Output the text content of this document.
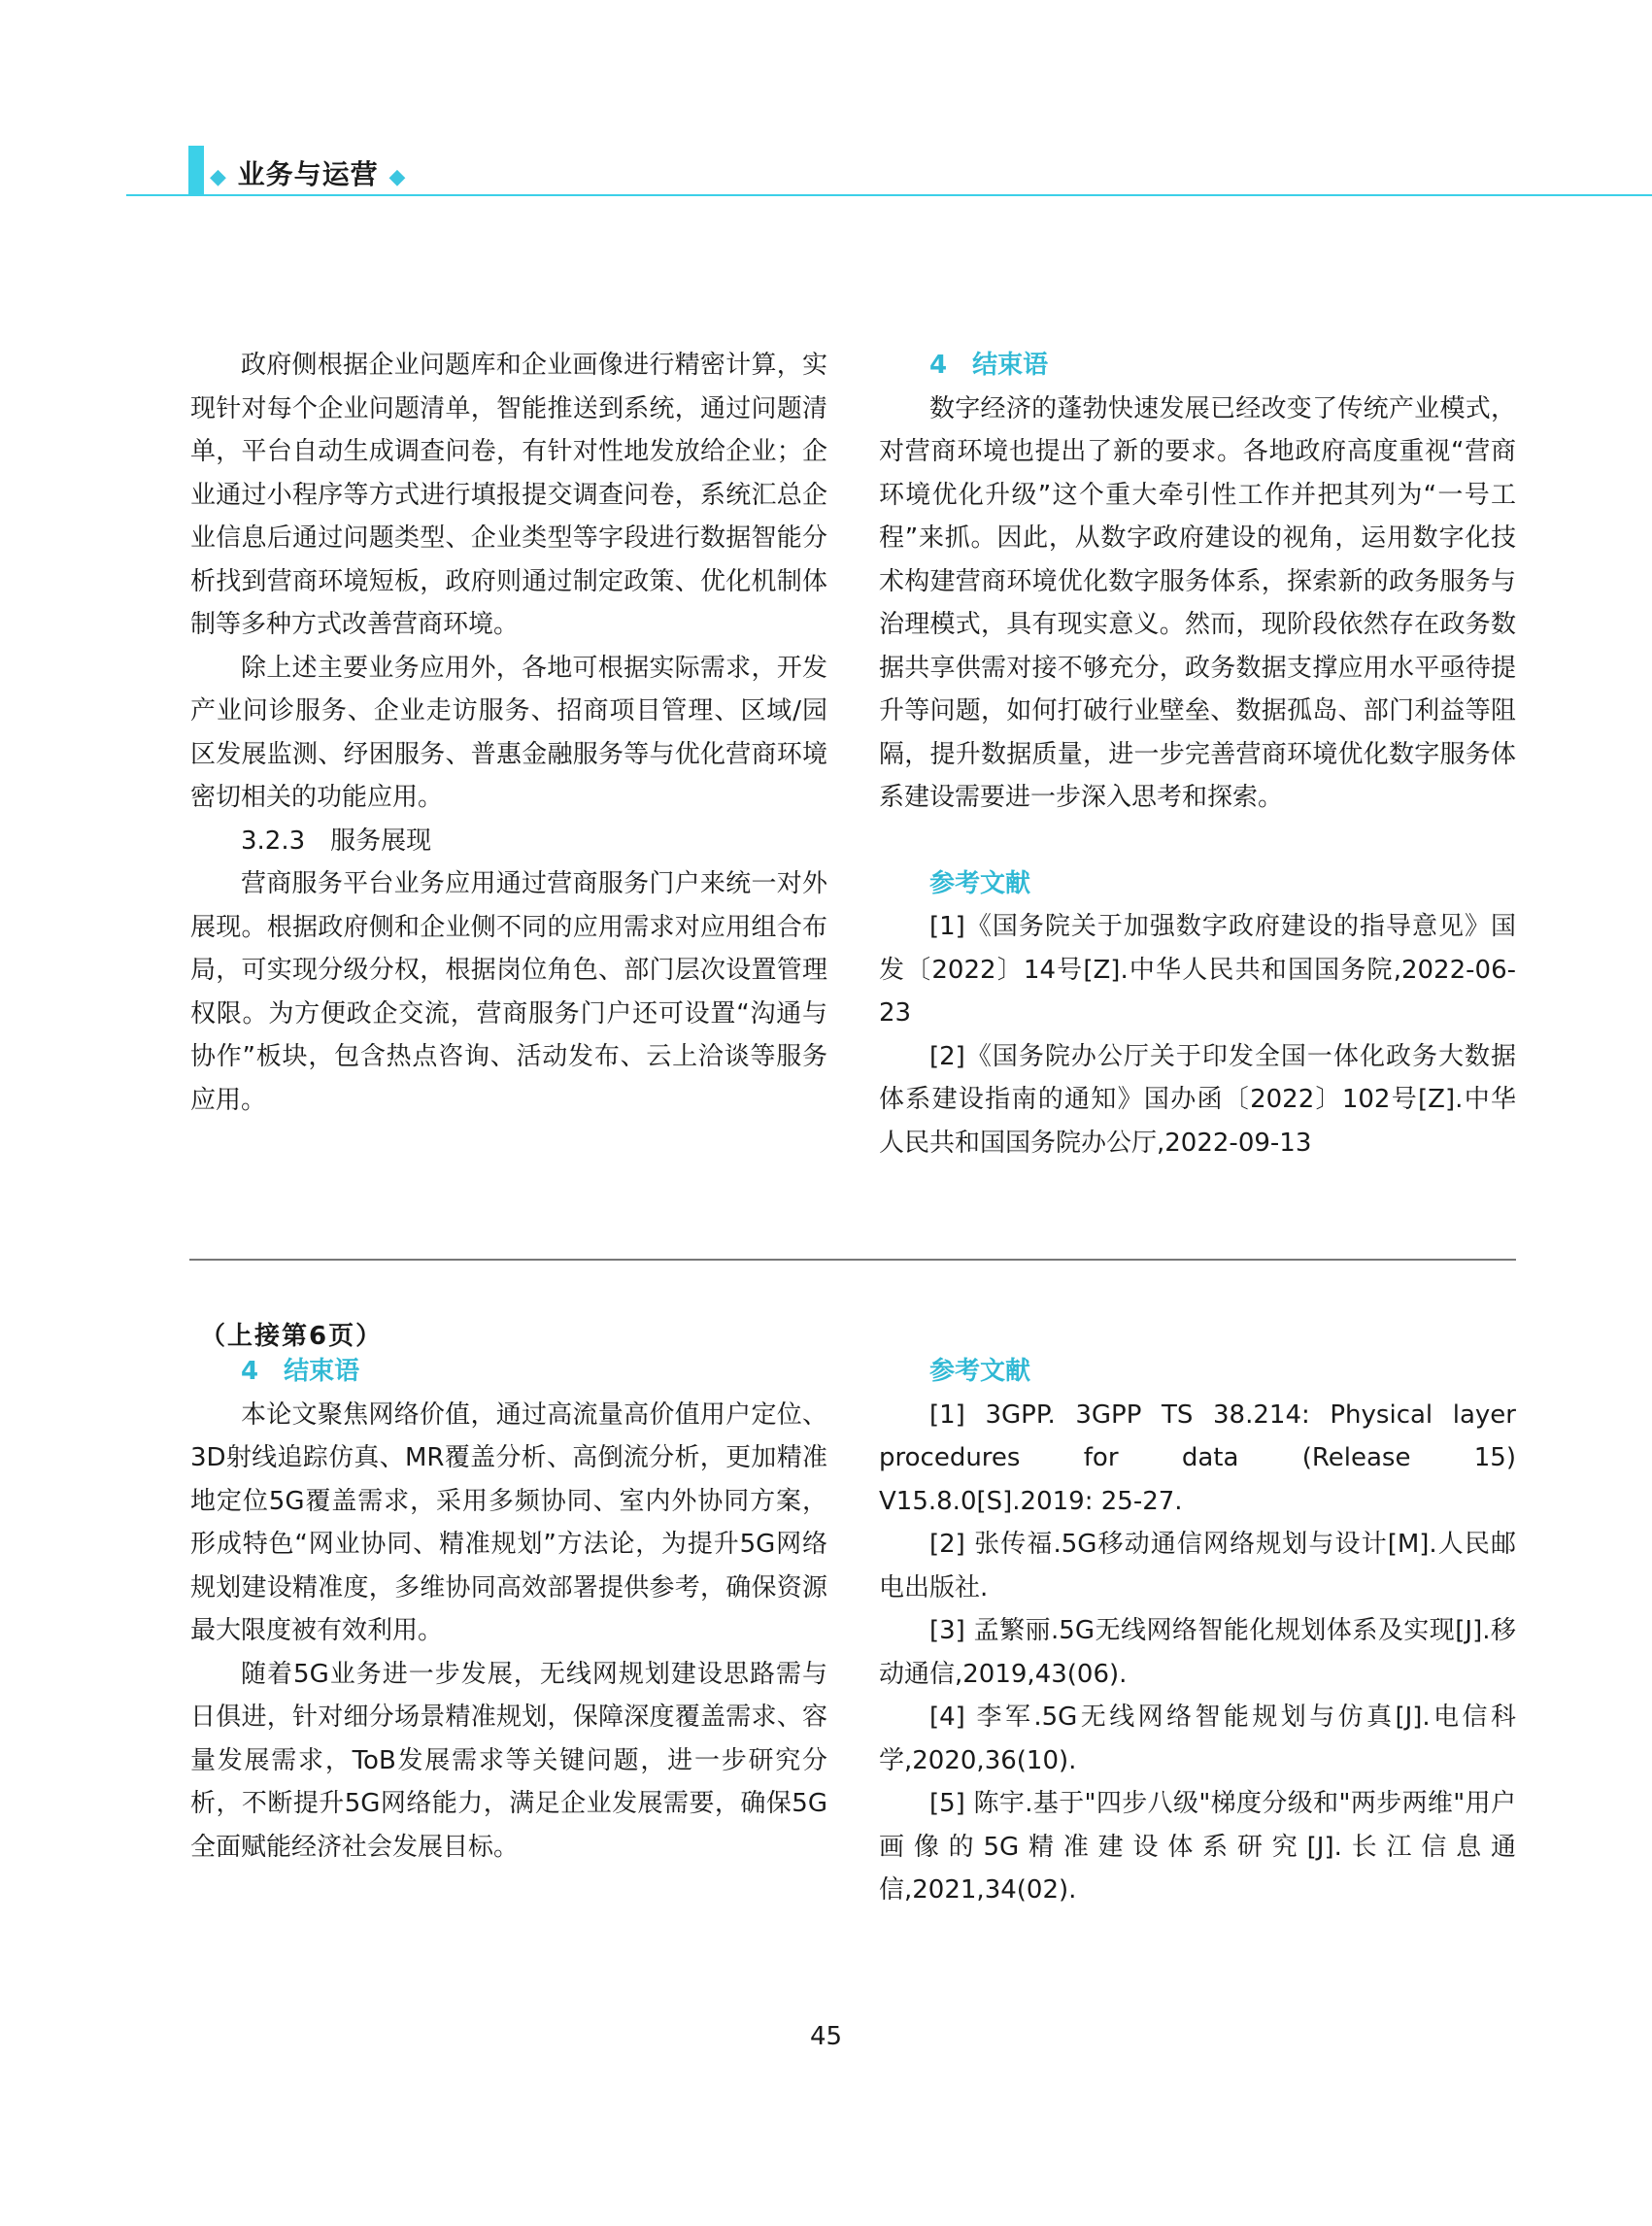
◆ 业务与运营 ◆

政府侧根据企业问题库和企业画像进行精密计算，实现针对每个企业问题清单，智能推送到系统，通过问题清单，平台自动生成调查问卷，有针对性地发放给企业；企业通过小程序等方式进行填报提交调查问卷，系统汇总企业信息后通过问题类型、企业类型等字段进行数据智能分析找到营商环境短板，政府则通过制定政策、优化机制体制等多种方式改善营商环境。

除上述主要业务应用外，各地可根据实际需求，开发产业问诊服务、企业走访服务、招商项目管理、区域/园区发展监测、纾困服务、普惠金融服务等与优化营商环境密切相关的功能应用。

3.2.3　服务展现

营商服务平台业务应用通过营商服务门户来统一对外展现。根据政府侧和企业侧不同的应用需求对应用组合布局，可实现分级分权，根据岗位角色、部门层次设置管理权限。为方便政企交流，营商服务门户还可设置“沟通与协作”板块，包含热点咨询、活动发布、云上洽谈等服务应用。

4　结束语

数字经济的蓬勃快速发展已经改变了传统产业模式，对营商环境也提出了新的要求。各地政府高度重视“营商环境优化升级”这个重大牵引性工作并把其列为“一号工程”来抓。因此，从数字政府建设的视角，运用数字化技术构建营商环境优化数字服务体系，探索新的政务服务与治理模式，具有现实意义。然而，现阶段依然存在政务数据共享供需对接不够充分，政务数据支撑应用水平亟待提升等问题，如何打破行业壁垒、数据孤岛、部门利益等阻隔，提升数据质量，进一步完善营商环境优化数字服务体系建设需要进一步深入思考和探索。

参考文献

[1]《国务院关于加强数字政府建设的指导意见》国发〔2022〕14号[Z].中华人民共和国国务院,2022-06-23

[2]《国务院办公厅关于印发全国一体化政务大数据体系建设指南的通知》国办函〔2022〕102号[Z].中华人民共和国国务院办公厅,2022-09-13

（上接第6页）

4　结束语

本论文聚焦网络价值，通过高流量高价值用户定位、3D射线追踪仿真、MR覆盖分析、高倒流分析，更加精准地定位5G覆盖需求，采用多频协同、室内外协同方案，形成特色“网业协同、精准规划”方法论，为提升5G网络规划建设精准度，多维协同高效部署提供参考，确保资源最大限度被有效利用。

随着5G业务进一步发展，无线网规划建设思路需与日俱进，针对细分场景精准规划，保障深度覆盖需求、容量发展需求，ToB发展需求等关键问题，进一步研究分析，不断提升5G网络能力，满足企业发展需要，确保5G全面赋能经济社会发展目标。

参考文献

[1] 3GPP. 3GPP TS 38.214: Physical layer procedures for data (Release 15) V15.8.0[S].2019: 25-27.

[2] 张传福.5G移动通信网络规划与设计[M].人民邮电出版社.

[3] 孟繁丽.5G无线网络智能化规划体系及实现[J].移动通信,2019,43(06).

[4] 李军.5G无线网络智能规划与仿真[J].电信科学,2020,36(10).

[5] 陈宇.基于"四步八级"梯度分级和"两步两维"用户画像的5G精准建设体系研究[J].长江信息通信,2021,34(02).

45
